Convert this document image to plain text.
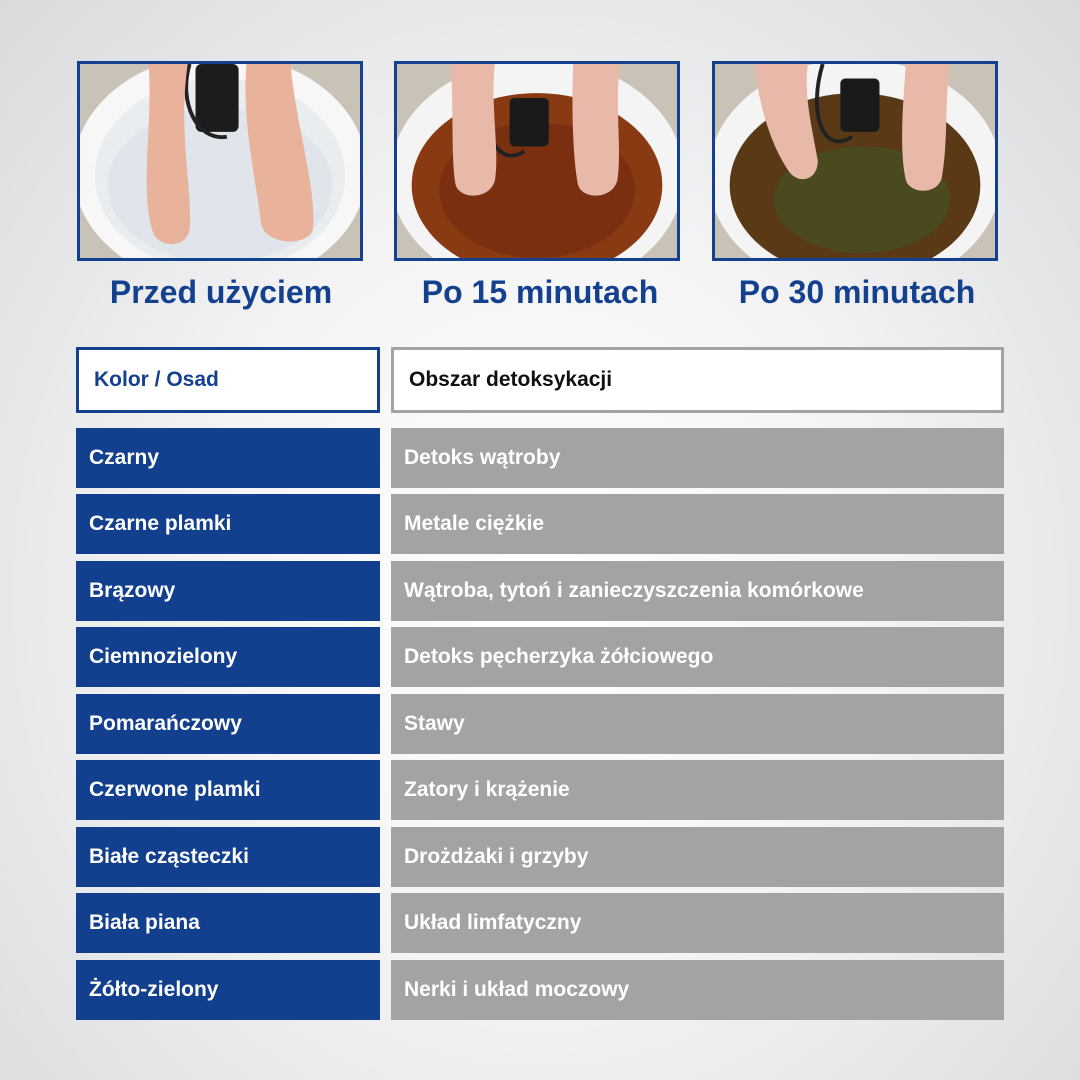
Przed użyciem	Po 15 minutach	Po 30 minutach
Kolor / Osad	Obszar detoksykacji
Czarny	Detoks wątroby
Czarne plamki	Metale ciężkie
Brązowy	Wątroba, tytoń i zanieczyszczenia komórkowe
Ciemnozielony	Detoks pęcherzyka żółciowego
Pomarańczowy	Stawy
Czerwone plamki	Zatory i krążenie
Białe cząsteczki	Drożdżaki i grzyby
Biała piana	Układ limfatyczny
Żółto-zielony	Nerki i układ moczowy
